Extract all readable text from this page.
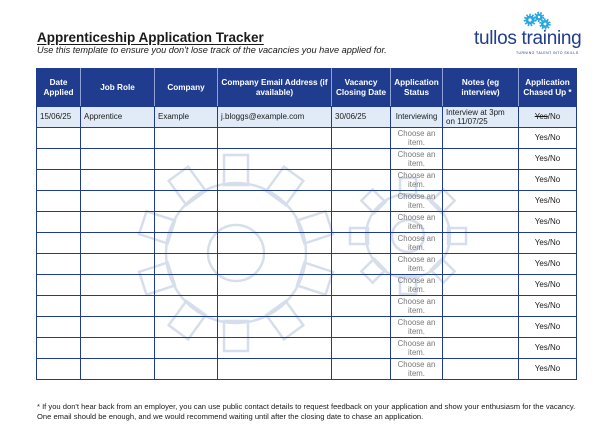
Apprenticeship Application Tracker
Use this template to ensure you don't lose track of the vacancies you have applied for.
tullos training
TURNING TALENT INTO SKILLS
Date Applied	Job Role	Company	Company Email Address (if available)	Vacancy Closing Date	Application Status	Notes (eg interview)	Application Chased Up *
15/06/25	Apprentice	Example	j.bloggs@example.com	30/06/25	Interviewing	Interview at 3pm on 11/07/25	Yes/No
					Choose an item.		Yes/No
					Choose an item.		Yes/No
					Choose an item.		Yes/No
					Choose an item.		Yes/No
					Choose an item.		Yes/No
					Choose an item.		Yes/No
					Choose an item.		Yes/No
					Choose an item.		Yes/No
					Choose an item.		Yes/No
					Choose an item.		Yes/No
					Choose an item.		Yes/No
					Choose an item.		Yes/No
* If you don't hear back from an employer, you can use public contact details to request feedback on your application and show your enthusiasm for the vacancy. One email should be enough, and we would recommend waiting until after the closing date to chase an application.
